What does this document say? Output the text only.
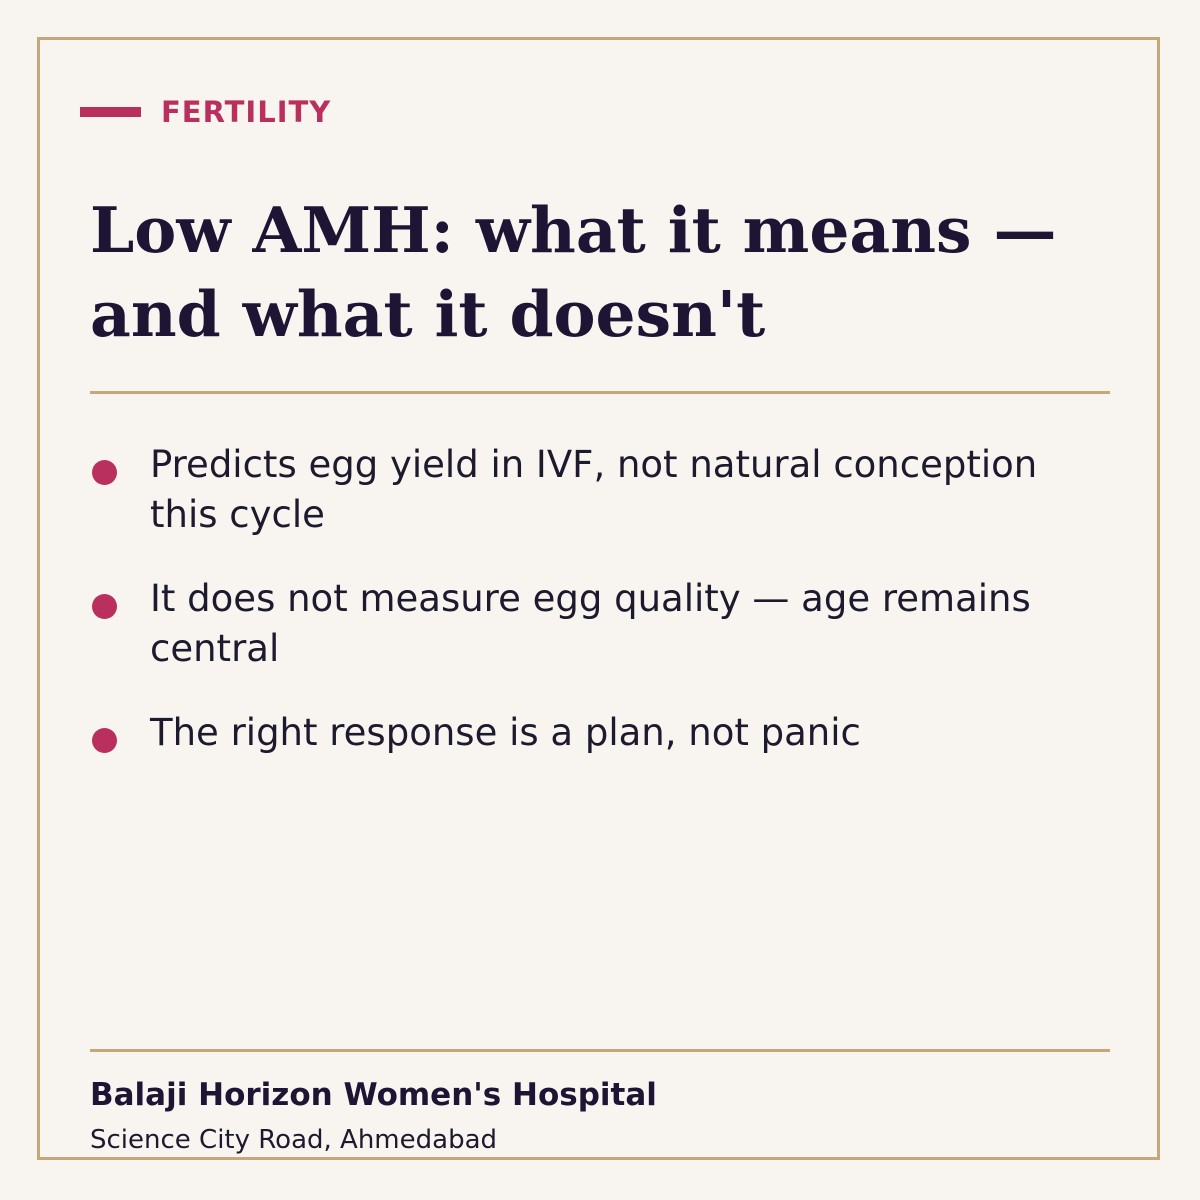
FERTILITY
Low AMH: what it means — and what it doesn't
Predicts egg yield in IVF, not natural conception this cycle
It does not measure egg quality — age remains central
The right response is a plan, not panic
Balaji Horizon Women's Hospital
Science City Road, Ahmedabad
